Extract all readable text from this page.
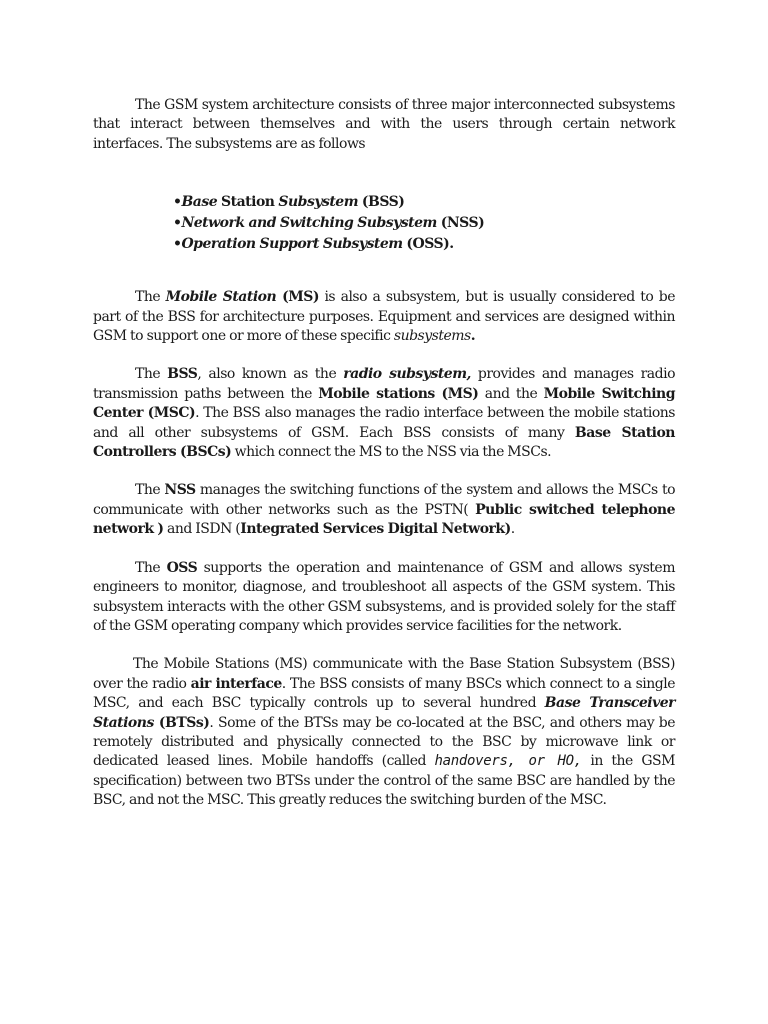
The GSM system architecture consists of three major interconnected subsystems that interact between themselves and with the users through certain network interfaces. The subsystems are as follows

•Base Station Subsystem (BSS)
•Network and Switching Subsystem (NSS)
•Operation Support Subsystem (OSS).

The Mobile Station (MS) is also a subsystem, but is usually considered to be part of the BSS for architecture purposes. Equipment and services are designed within GSM to support one or more of these specific subsystems.

The BSS, also known as the radio subsystem, provides and manages radio transmission paths between the Mobile stations (MS) and the Mobile Switching Center (MSC). The BSS also manages the radio interface between the mobile stations and all other subsystems of GSM. Each BSS consists of many Base Station Controllers (BSCs) which connect the MS to the NSS via the MSCs.

The NSS manages the switching functions of the system and allows the MSCs to communicate with other networks such as the PSTN( Public switched telephone network ) and ISDN (Integrated Services Digital Network).

The OSS supports the operation and maintenance of GSM and allows system engineers to monitor, diagnose, and troubleshoot all aspects of the GSM system. This subsystem interacts with the other GSM subsystems, and is provided solely for the staff of the GSM operating company which provides service facilities for the network.

The Mobile Stations (MS) communicate with the Base Station Subsystem (BSS) over the radio air interface. The BSS consists of many BSCs which connect to a single MSC, and each BSC typically controls up to several hundred Base Transceiver Stations (BTSs). Some of the BTSs may be co-located at the BSC, and others may be remotely distributed and physically connected to the BSC by microwave link or dedicated leased lines. Mobile handoffs (called handovers, or HO, in the GSM specification) between two BTSs under the control of the same BSC are handled by the BSC, and not the MSC. This greatly reduces the switching burden of the MSC.
